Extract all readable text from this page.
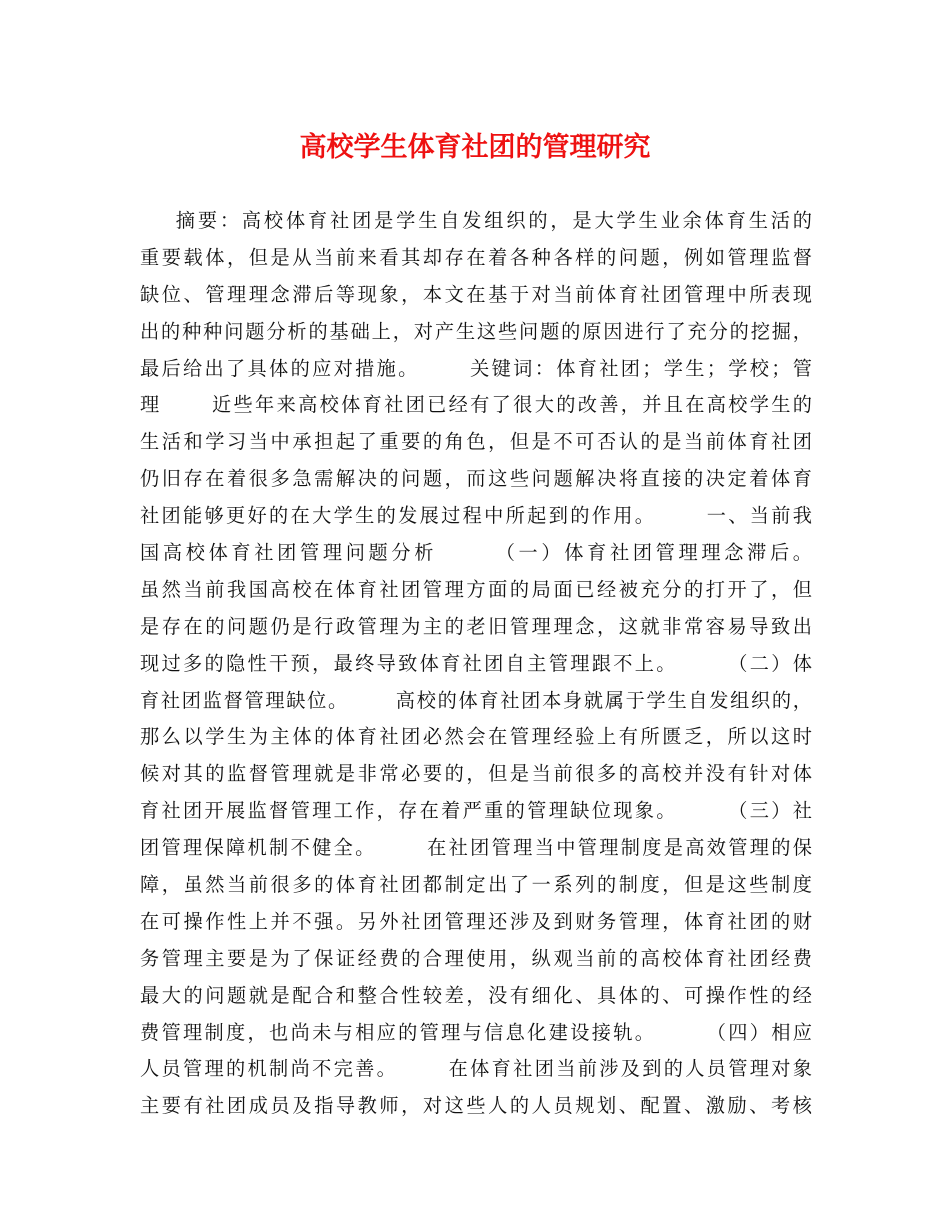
高校学生体育社团的管理研究
摘要：高校体育社团是学生自发组织的，是大学生业余体育生活的
重要载体，但是从当前来看其却存在着各种各样的问题，例如管理监督
缺位、管理理念滞后等现象，本文在基于对当前体育社团管理中所表现
出的种种问题分析的基础上，对产生这些问题的原因进行了充分的挖掘，
最后给出了具体的应对措施。      关键词：体育社团；学生；学校；管
理      近些年来高校体育社团已经有了很大的改善，并且在高校学生的
生活和学习当中承担起了重要的角色，但是不可否认的是当前体育社团
仍旧存在着很多急需解决的问题，而这些问题解决将直接的决定着体育
社团能够更好的在大学生的发展过程中所起到的作用。      一、当前我
国高校体育社团管理问题分析      （一）体育社团管理理念滞后。
虽然当前我国高校在体育社团管理方面的局面已经被充分的打开了，但
是存在的问题仍是行政管理为主的老旧管理理念，这就非常容易导致出
现过多的隐性干预，最终导致体育社团自主管理跟不上。      （二）体
育社团监督管理缺位。      高校的体育社团本身就属于学生自发组织的，
那么以学生为主体的体育社团必然会在管理经验上有所匮乏，所以这时
候对其的监督管理就是非常必要的，但是当前很多的高校并没有针对体
育社团开展监督管理工作，存在着严重的管理缺位现象。      （三）社
团管理保障机制不健全。      在社团管理当中管理制度是高效管理的保
障，虽然当前很多的体育社团都制定出了一系列的制度，但是这些制度
在可操作性上并不强。另外社团管理还涉及到财务管理，体育社团的财
务管理主要是为了保证经费的合理使用，纵观当前的高校体育社团经费
最大的问题就是配合和整合性较差，没有细化、具体的、可操作性的经
费管理制度，也尚未与相应的管理与信息化建设接轨。      （四）相应
人员管理的机制尚不完善。      在体育社团当前涉及到的人员管理对象
主要有社团成员及指导教师，对这些人的人员规划、配置、激励、考核
